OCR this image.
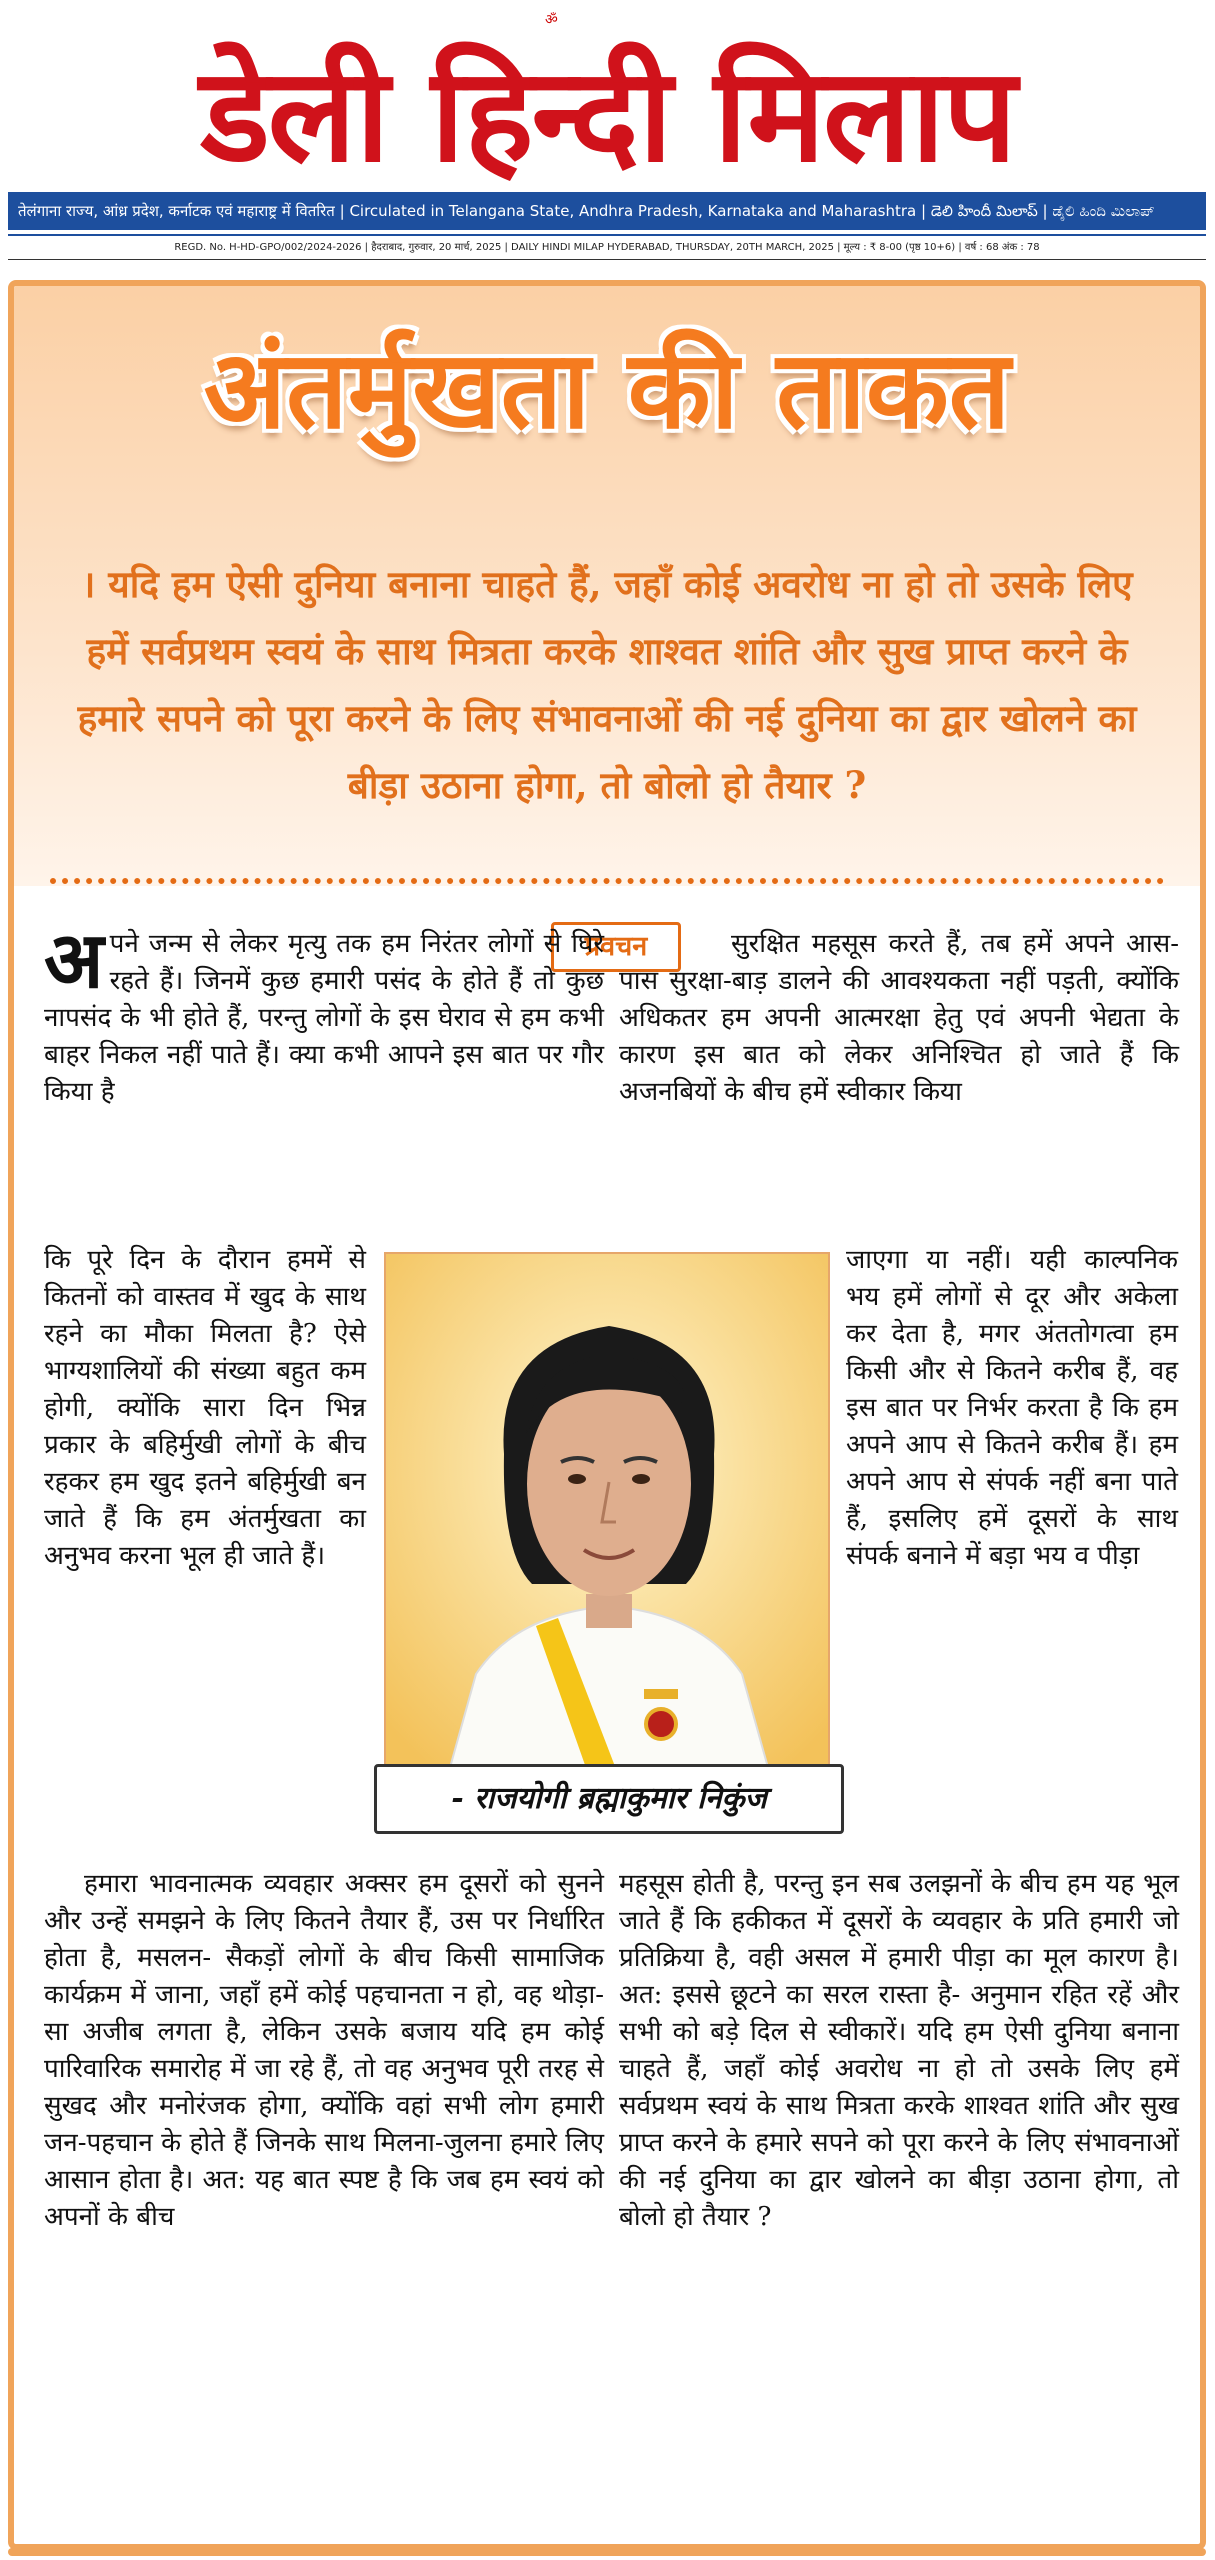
ॐ
डेली हिन्दी मिलाप
तेलंगाना राज्य, आंध्र प्रदेश, कर्नाटक एवं महाराष्ट्र में वितरित | Circulated in Telangana State, Andhra Pradesh, Karnataka and Maharashtra | డెలి హిందీ మిలాప్ | ಡೈಲಿ ಹಿಂದಿ ಮಿಲಾಪ್
REGD. No. H-HD-GPO/002/2024-2026 | हैदराबाद, गुरुवार, 20 मार्च, 2025 | DAILY HINDI MILAP HYDERABAD, THURSDAY, 20TH MARCH, 2025 | मूल्य : ₹ 8-00 (पृष्ठ 10+6) | वर्ष : 68 अंक : 78
अंतर्मुखता की ताकत
। यदि हम ऐसी दुनिया बनाना चाहते हैं, जहाँ कोई अवरोध ना हो तो उसके लिए हमें सर्वप्रथम स्वयं के साथ मित्रता करके शाश्वत शांति और सुख प्राप्त करने के हमारे सपने को पूरा करने के लिए संभावनाओं की नई दुनिया का द्वार खोलने का बीड़ा उठाना होगा, तो बोलो हो तैयार ?
प्रवचन

अपने जन्म से लेकर मृत्यु तक हम निरंतर लोगों से घिरे रहते हैं। जिनमें कुछ हमारी पसंद के होते हैं तो कुछ नापसंद के भी होते हैं, परन्तु लोगों के इस घेराव से हम कभी बाहर निकल नहीं पाते हैं। क्या कभी आपने इस बात पर गौर किया है

कि पूरे दिन के दौरान हममें से कितनों को वास्तव में खुद के साथ रहने का मौका मिलता है? ऐसे भाग्यशालियों की संख्या बहुत कम होगी, क्योंकि सारा दिन भिन्न प्रकार के बहिर्मुखी लोगों के बीच रहकर हम खुद इतने बहिर्मुखी बन जाते हैं कि हम अंतर्मुखता का अनुभव करना भूल ही जाते हैं।

- राजयोगी ब्रह्माकुमार निकुंज

हमारा भावनात्मक व्यवहार अक्सर हम दूसरों को सुनने और उन्हें समझने के लिए कितने तैयार हैं, उस पर निर्धारित होता है, मसलन- सैकड़ों लोगों के बीच किसी सामाजिक कार्यक्रम में जाना, जहाँ हमें कोई पहचानता न हो, वह थोड़ा-सा अजीब लगता है, लेकिन उसके बजाय यदि हम कोई पारिवारिक समारोह में जा रहे हैं, तो वह अनुभव पूरी तरह से सुखद और मनोरंजक होगा, क्योंकि वहां सभी लोग हमारी जन-पहचान के होते हैं जिनके साथ मिलना-जुलना हमारे लिए आसान होता है। अत: यह बात स्पष्ट है कि जब हम स्वयं को अपनों के बीच

सुरक्षित महसूस करते हैं, तब हमें अपने आस-पास सुरक्षा-बाड़ डालने की आवश्यकता नहीं पड़ती, क्योंकि अधिकतर हम अपनी आत्मरक्षा हेतु एवं अपनी भेद्यता के कारण इस बात को लेकर अनिश्चित हो जाते हैं कि अजनबियों के बीच हमें स्वीकार किया

जाएगा या नहीं। यही काल्पनिक भय हमें लोगों से दूर और अकेला कर देता है, मगर अंततोगत्वा हम किसी और से कितने करीब हैं, वह इस बात पर निर्भर करता है कि हम अपने आप से कितने करीब हैं। हम अपने आप से संपर्क नहीं बना पाते हैं, इसलिए हमें दूसरों के साथ संपर्क बनाने में बड़ा भय व पीड़ा

महसूस होती है, परन्तु इन सब उलझनों के बीच हम यह भूल जाते हैं कि हकीकत में दूसरों के व्यवहार के प्रति हमारी जो प्रतिक्रिया है, वही असल में हमारी पीड़ा का मूल कारण है। अत: इससे छूटने का सरल रास्ता है- अनुमान रहित रहें और सभी को बड़े दिल से स्वीकारें। यदि हम ऐसी दुनिया बनाना चाहते हैं, जहाँ कोई अवरोध ना हो तो उसके लिए हमें सर्वप्रथम स्वयं के साथ मित्रता करके शाश्वत शांति और सुख प्राप्त करने के हमारे सपने को पूरा करने के लिए संभावनाओं की नई दुनिया का द्वार खोलने का बीड़ा उठाना होगा, तो बोलो हो तैयार ?
